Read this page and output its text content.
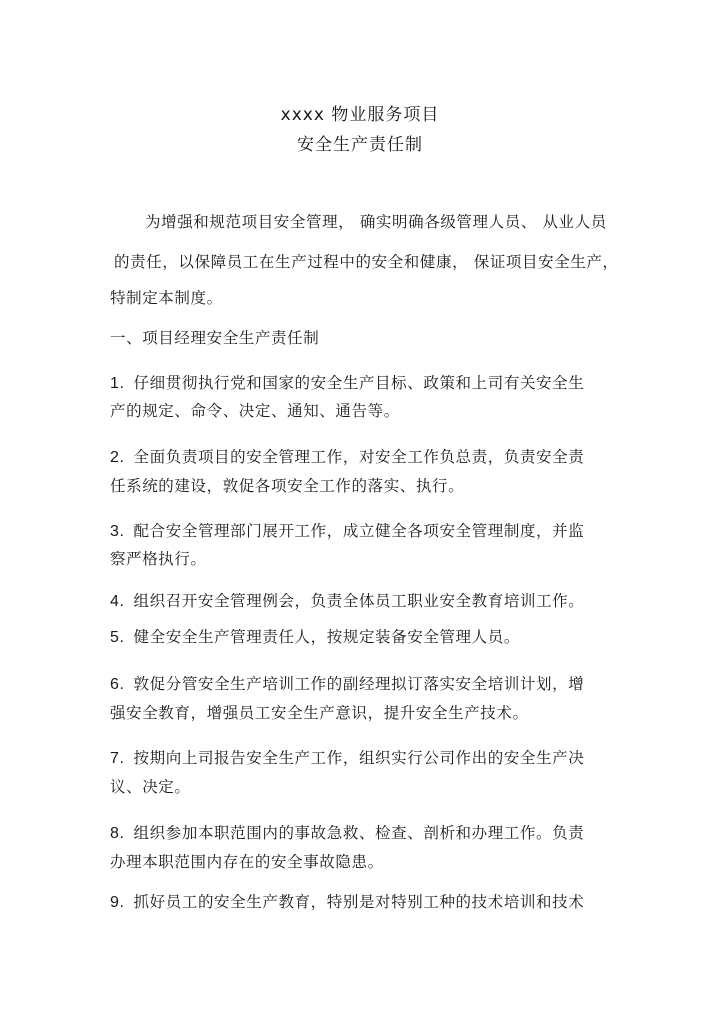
xxxx 物业服务项目
安全生产责任制
为增强和规范项目安全管理， 确实明确各级管理人员、 从业人员
的责任，以保障员工在生产过程中的安全和健康， 保证项目安全生产，
特制定本制度。
一、项目经理安全生产责任制
1. 仔细贯彻执行党和国家的安全生产目标、政策和上司有关安全生
产的规定、命令、决定、通知、通告等。
2. 全面负责项目的安全管理工作，对安全工作负总责，负责安全责
任系统的建设，敦促各项安全工作的落实、执行。
3. 配合安全管理部门展开工作，成立健全各项安全管理制度，并监
察严格执行。
4. 组织召开安全管理例会，负责全体员工职业安全教育培训工作。
5. 健全安全生产管理责任人，按规定装备安全管理人员。
6. 敦促分管安全生产培训工作的副经理拟订落实安全培训计划，增
强安全教育，增强员工安全生产意识，提升安全生产技术。
7. 按期向上司报告安全生产工作，组织实行公司作出的安全生产决
议、决定。
8. 组织参加本职范围内的事故急救、检查、剖析和办理工作。负责
办理本职范围内存在的安全事故隐患。
9. 抓好员工的安全生产教育，特别是对特别工种的技术培训和技术
